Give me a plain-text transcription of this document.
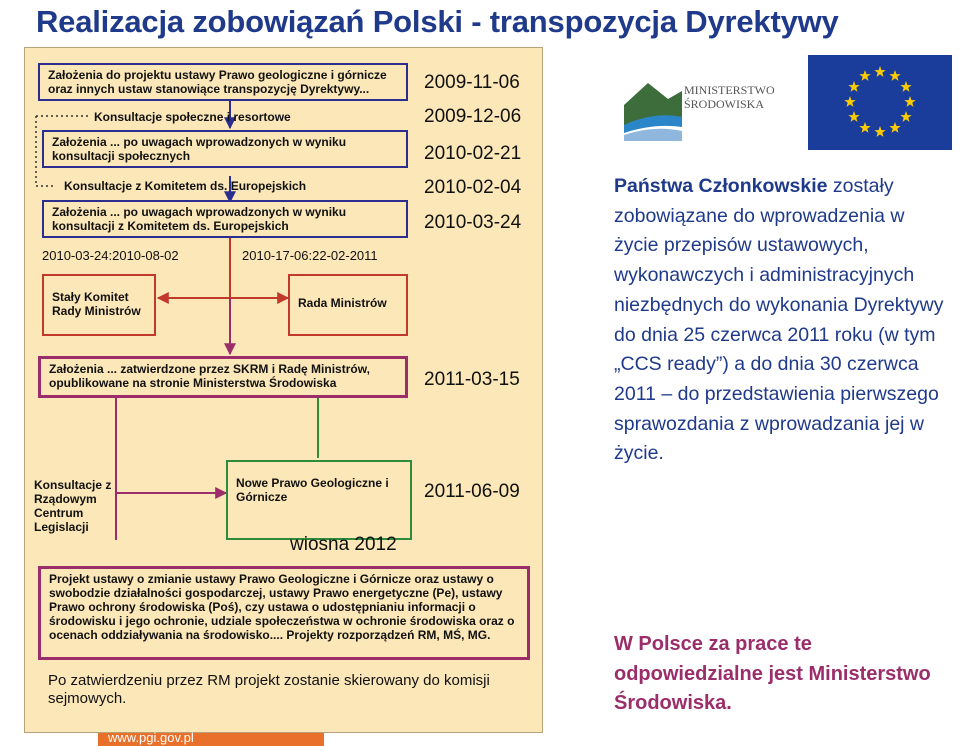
Realizacja zobowiązań Polski - transpozycja Dyrektywy
Założenia do projektu ustawy Prawo geologiczne i górnicze oraz innych ustaw stanowiące transpozycję Dyrektywy...
Konsultacje społeczne i resortowe
Założenia ... po uwagach wprowadzonych w wyniku konsultacji społecznych
Konsultacje z Komitetem ds. Europejskich
Założenia ... po uwagach wprowadzonych w wyniku konsultacji z Komitetem ds. Europejskich
2010-03-24:2010-08-02	2010-17-06:22-02-2011
Stały Komitet Rady Ministrów
Rada Ministrów
Założenia ... zatwierdzone przez SKRM i Radę Ministrów, opublikowane na stronie Ministerstwa Środowiska
Konsultacje z Rządowym Centrum Legislacji
Nowe Prawo Geologiczne i Górnicze
wiosna 2012
Projekt ustawy o zmianie ustawy Prawo Geologiczne i Górnicze oraz ustawy o swobodzie działalności gospodarczej, ustawy Prawo energetyczne (Pe), ustawy Prawo ochrony środowiska (Poś), czy ustawa o udostępnianiu informacji o środowisku i jego ochronie, udziale społeczeństwa w ochronie środowiska oraz o ocenach oddziaływania na środowisko.... Projekty rozporządzeń RM, MŚ, MG.
Po zatwierdzeniu przez RM projekt zostanie skierowany do komisji sejmowych.
2009-11-06
2009-12-06
2010-02-21
2010-02-04
2010-03-24
2011-03-15
2011-06-09
MINISTERSTWO ŚRODOWISKA
Państwa Członkowskie zostały zobowiązane do wprowadzenia w życie przepisów ustawowych, wykonawczych i administracyjnych niezbędnych do wykonania Dyrektywy do dnia 25 czerwca 2011 roku (w tym „CCS ready”) a do dnia 30 czerwca 2011 – do przedstawienia pierwszego sprawozdania z wprowadzania jej w życie.
W Polsce za prace te odpowiedzialne jest Ministerstwo Środowiska.
www.pgi.gov.pl
